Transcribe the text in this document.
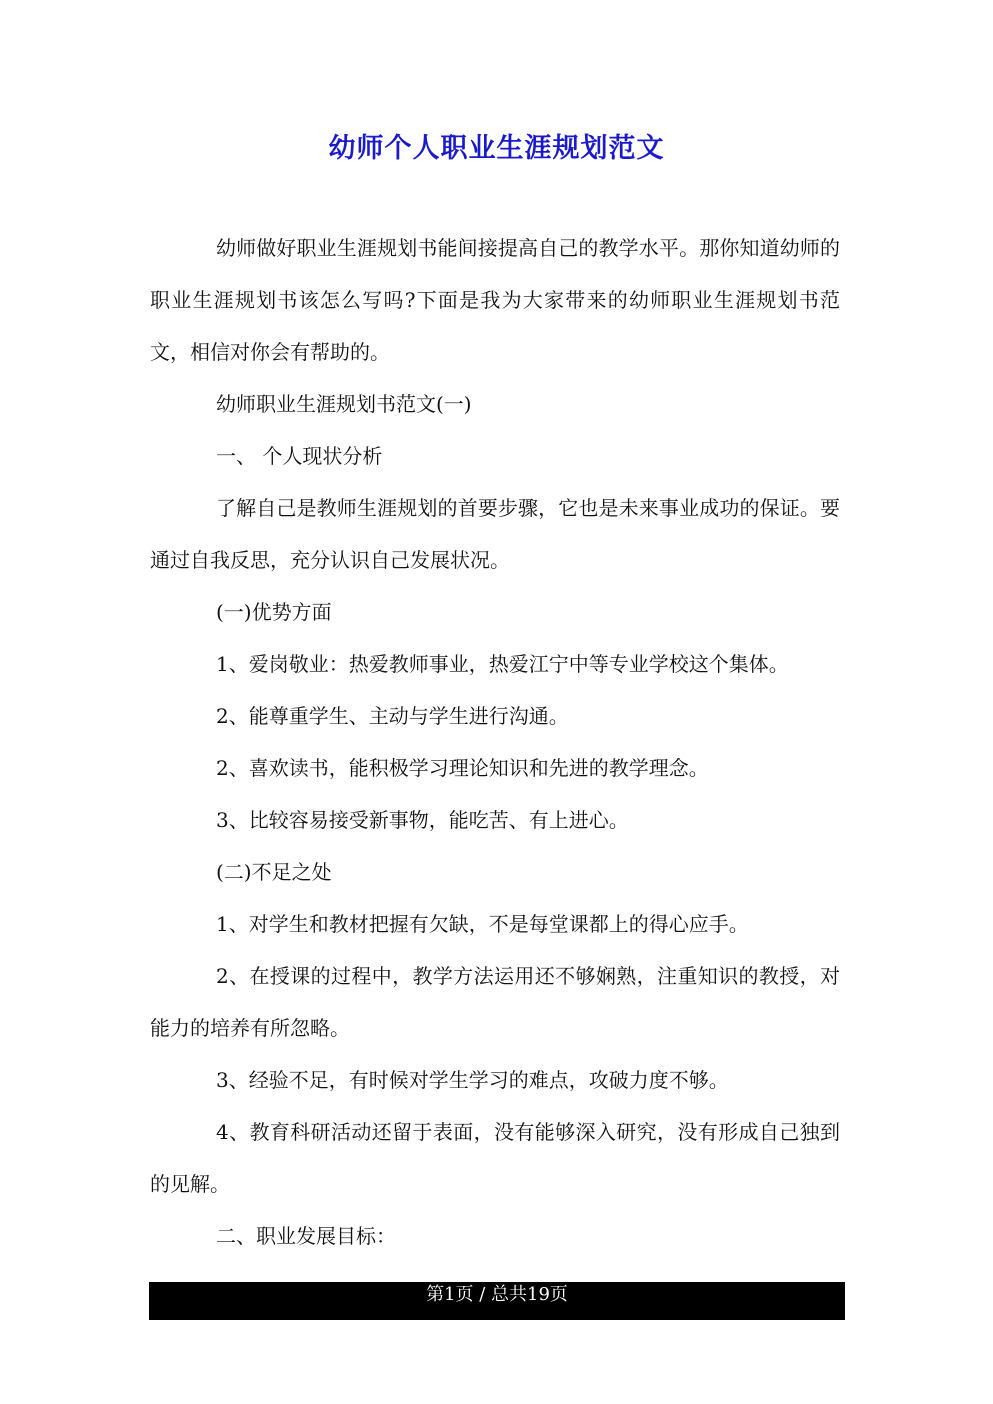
幼师个人职业生涯规划范文

幼师做好职业生涯规划书能间接提高自己的教学水平。那你知道幼师的职业生涯规划书该怎么写吗?下面是我为大家带来的幼师职业生涯规划书范文，相信对你会有帮助的。

幼师职业生涯规划书范文(一)

一、 个人现状分析

了解自己是教师生涯规划的首要步骤，它也是未来事业成功的保证。要通过自我反思，充分认识自己发展状况。

(一)优势方面

1、爱岗敬业：热爱教师事业，热爱江宁中等专业学校这个集体。

2、能尊重学生、主动与学生进行沟通。

2、喜欢读书，能积极学习理论知识和先进的教学理念。

3、比较容易接受新事物，能吃苦、有上进心。

(二)不足之处

1、对学生和教材把握有欠缺，不是每堂课都上的得心应手。

2、在授课的过程中，教学方法运用还不够娴熟，注重知识的教授，对能力的培养有所忽略。

3、经验不足，有时候对学生学习的难点，攻破力度不够。

4、教育科研活动还留于表面，没有能够深入研究，没有形成自己独到的见解。

二、职业发展目标：

第1页 / 总共19页
